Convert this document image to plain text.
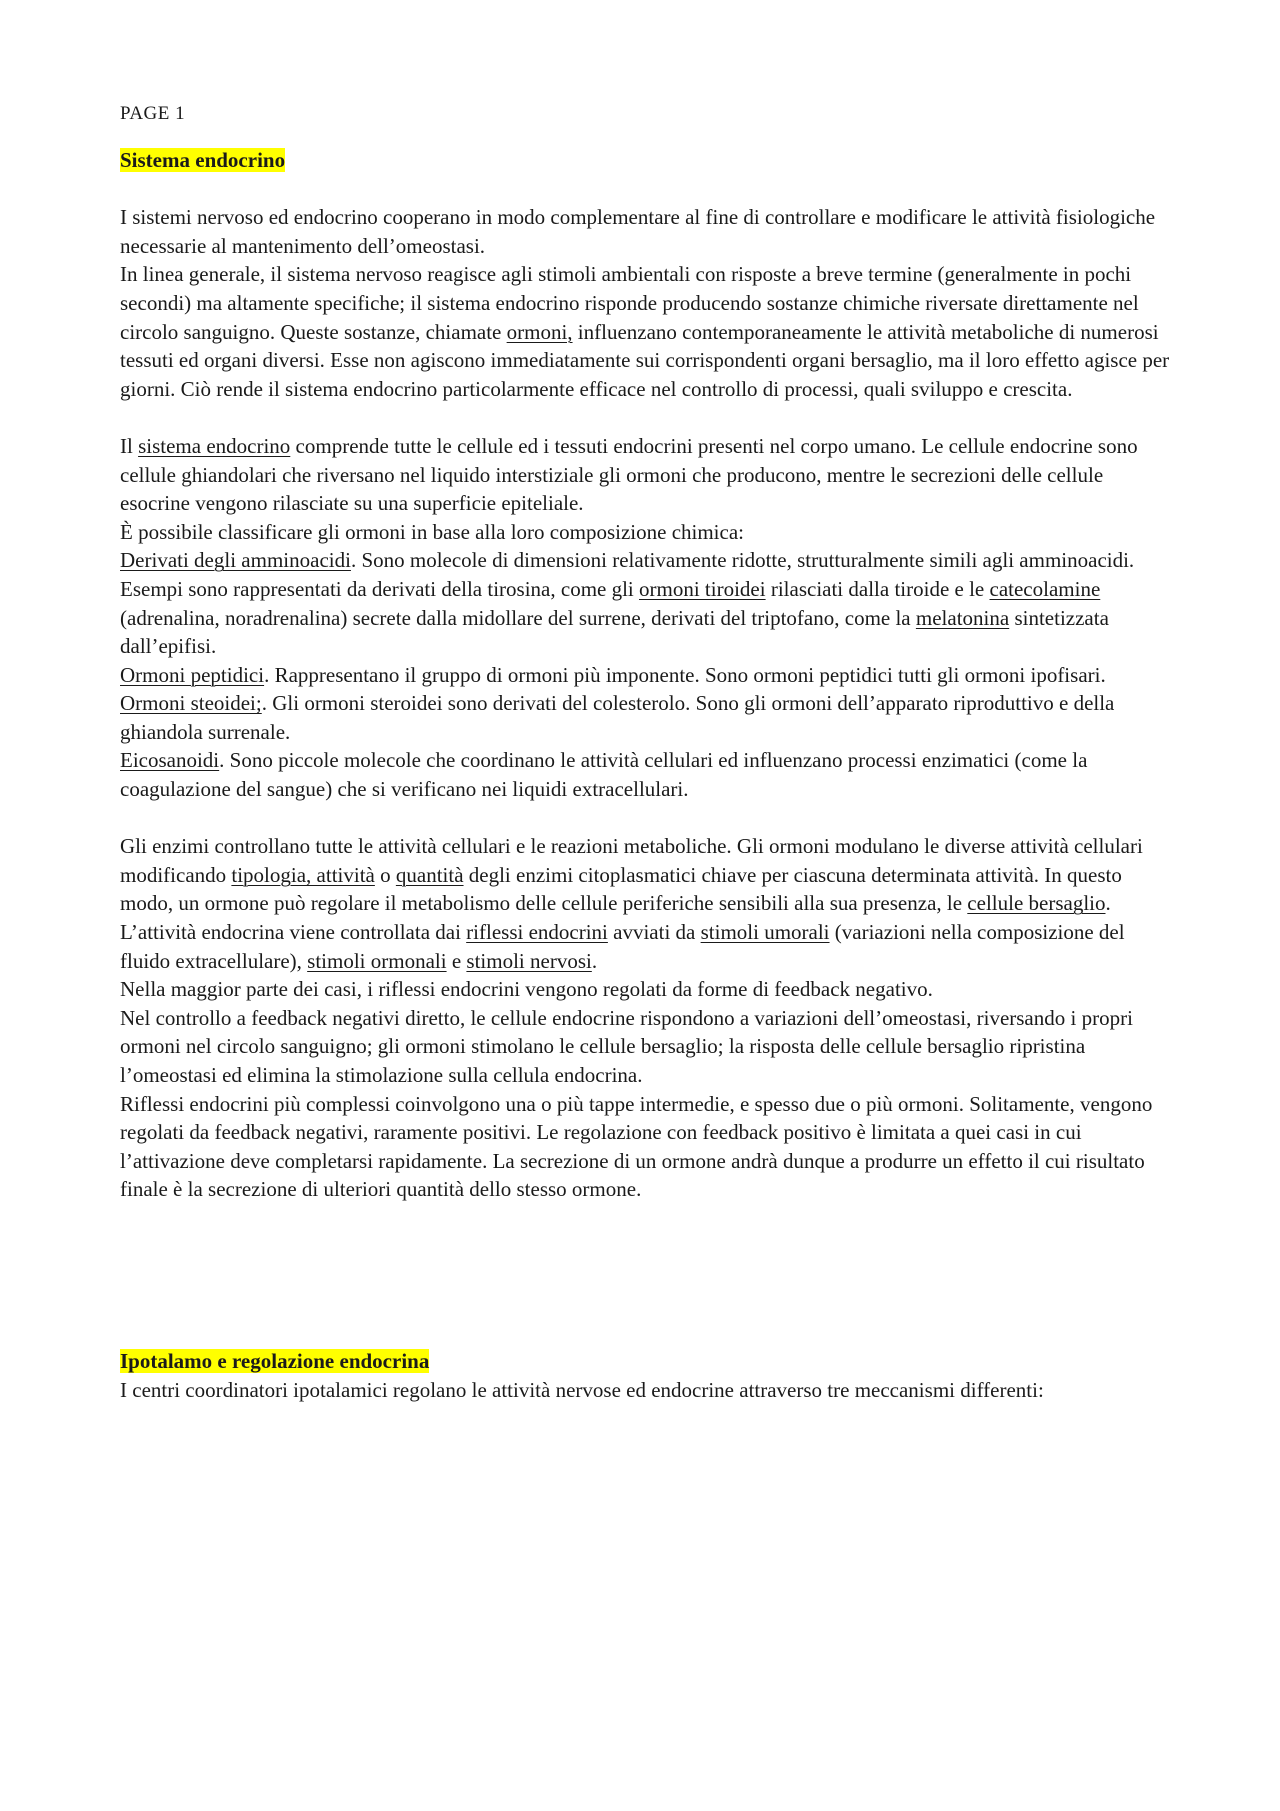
PAGE 1
Sistema endocrino

I sistemi nervoso ed endocrino cooperano in modo complementare al fine di controllare e modificare le attività fisiologiche necessarie al mantenimento dell’omeostasi.

In linea generale, il sistema nervoso reagisce agli stimoli ambientali con risposte a breve termine (generalmente in pochi secondi) ma altamente specifiche; il sistema endocrino risponde producendo sostanze chimiche riversate direttamente nel circolo sanguigno. Queste sostanze, chiamate ormoni, influenzano contemporaneamente le attività metaboliche di numerosi tessuti ed organi diversi. Esse non agiscono immediatamente sui corrispondenti organi bersaglio, ma il loro effetto agisce per giorni. Ciò rende il sistema endocrino particolarmente efficace nel controllo di processi, quali sviluppo e crescita.

Il sistema endocrino comprende tutte le cellule ed i tessuti endocrini presenti nel corpo umano. Le cellule endocrine sono cellule ghiandolari che riversano nel liquido interstiziale gli ormoni che producono, mentre le secrezioni delle cellule esocrine vengono rilasciate su una superficie epiteliale.

È possibile classificare gli ormoni in base alla loro composizione chimica:

Derivati degli amminoacidi. Sono molecole di dimensioni relativamente ridotte, strutturalmente simili agli amminoacidi. Esempi sono rappresentati da derivati della tirosina, come gli ormoni tiroidei rilasciati dalla tiroide e le catecolamine (adrenalina, noradrenalina) secrete dalla midollare del surrene, derivati del triptofano, come la melatonina sintetizzata dall’epifisi.

Ormoni peptidici. Rappresentano il gruppo di ormoni più imponente. Sono ormoni peptidici tutti gli ormoni ipofisari.

Ormoni steoidei;. Gli ormoni steroidei sono derivati del colesterolo. Sono gli ormoni dell’apparato riproduttivo e della ghiandola surrenale.

Eicosanoidi. Sono piccole molecole che coordinano le attività cellulari ed influenzano processi enzimatici (come la coagulazione del sangue) che si verificano nei liquidi extracellulari.

Gli enzimi controllano tutte le attività cellulari e le reazioni metaboliche. Gli ormoni modulano le diverse attività cellulari modificando tipologia, attività o quantità degli enzimi citoplasmatici chiave per ciascuna determinata attività. In questo modo, un ormone può regolare il metabolismo delle cellule periferiche sensibili alla sua presenza, le cellule bersaglio.

L’attività endocrina viene controllata dai riflessi endocrini avviati da stimoli umorali (variazioni nella composizione del fluido extracellulare), stimoli ormonali e stimoli nervosi.

Nella maggior parte dei casi, i riflessi endocrini vengono regolati da forme di feedback negativo.

Nel controllo a feedback negativi diretto, le cellule endocrine rispondono a variazioni dell’omeostasi, riversando i propri ormoni nel circolo sanguigno; gli ormoni stimolano le cellule bersaglio; la risposta delle cellule bersaglio ripristina l’omeostasi ed elimina la stimolazione sulla cellula endocrina.

Riflessi endocrini più complessi coinvolgono una o più tappe intermedie, e spesso due o più ormoni. Solitamente, vengono regolati da feedback negativi, raramente positivi. Le regolazione con feedback positivo è limitata a quei casi in cui l’attivazione deve completarsi rapidamente. La secrezione di un ormone andrà dunque a produrre un effetto il cui risultato finale è la secrezione di ulteriori quantità dello stesso ormone.

Ipotalamo e regolazione endocrina

I centri coordinatori ipotalamici regolano le attività nervose ed endocrine attraverso tre meccanismi differenti:
